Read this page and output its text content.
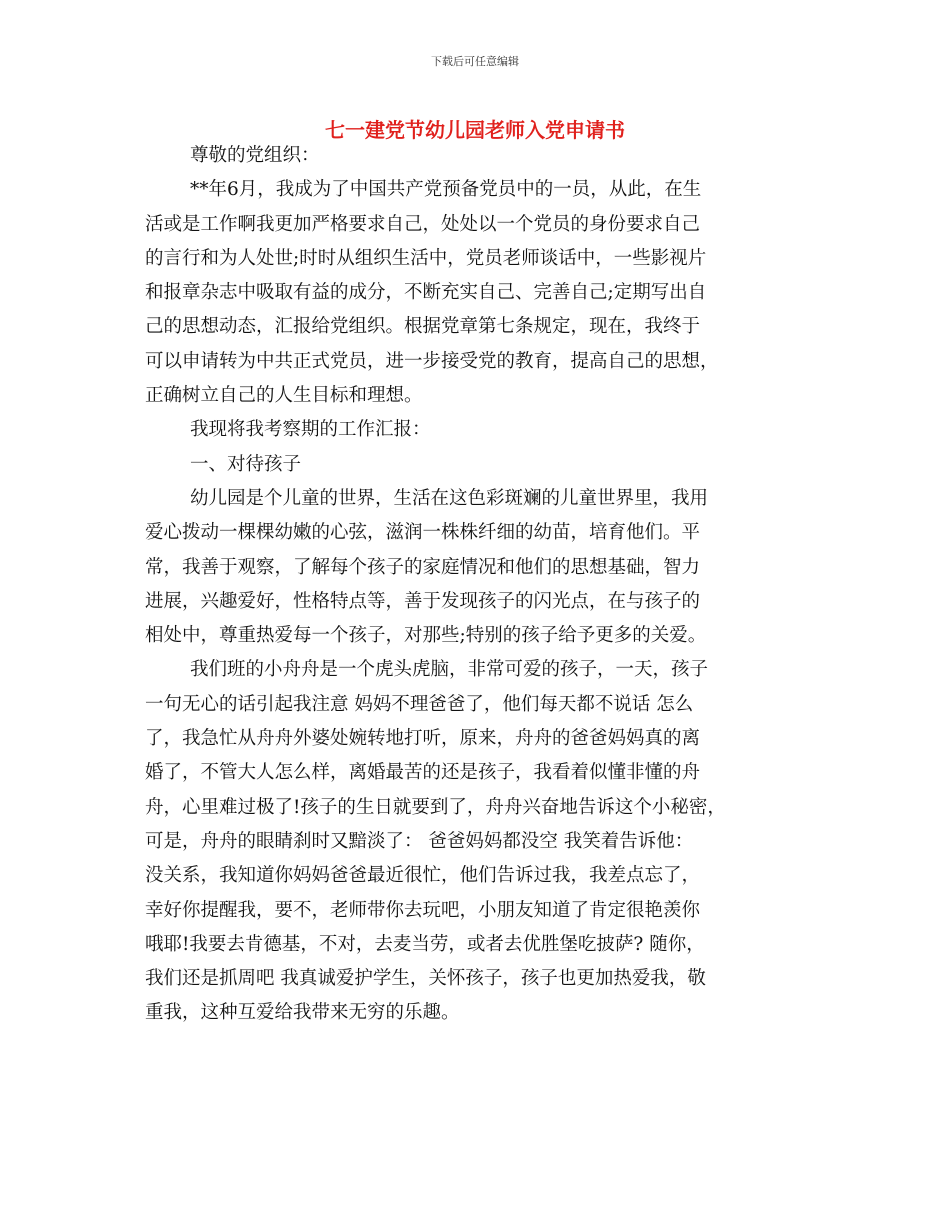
下载后可任意编辑
七一建党节幼儿园老师入党申请书
尊敬的党组织：
**年6月，我成为了中国共产党预备党员中的一员，从此，在生
活或是工作啊我更加严格要求自己，处处以一个党员的身份要求自己
的言行和为人处世;时时从组织生活中，党员老师谈话中，一些影视片
和报章杂志中吸取有益的成分，不断充实自己、完善自己;定期写出自
己的思想动态，汇报给党组织。根据党章第七条规定，现在，我终于
可以申请转为中共正式党员，进一步接受党的教育，提高自己的思想，
正确树立自己的人生目标和理想。
我现将我考察期的工作汇报：
一、对待孩子
幼儿园是个儿童的世界，生活在这色彩斑斓的儿童世界里，我用
爱心拨动一棵棵幼嫩的心弦，滋润一株株纤细的幼苗，培育他们。平
常，我善于观察，了解每个孩子的家庭情况和他们的思想基础，智力
进展，兴趣爱好，性格特点等，善于发现孩子的闪光点，在与孩子的
相处中，尊重热爱每一个孩子，对那些;特别的孩子给予更多的关爱。
我们班的小舟舟是一个虎头虎脑，非常可爱的孩子，一天，孩子
一句无心的话引起我注意 妈妈不理爸爸了，他们每天都不说话 怎么
了，我急忙从舟舟外婆处婉转地打听，原来，舟舟的爸爸妈妈真的离
婚了，不管大人怎么样，离婚最苦的还是孩子，我看着似懂非懂的舟
舟，心里难过极了!孩子的生日就要到了，舟舟兴奋地告诉这个小秘密，
可是，舟舟的眼睛刹时又黯淡了： 爸爸妈妈都没空 我笑着告诉他：
没关系，我知道你妈妈爸爸最近很忙，他们告诉过我，我差点忘了，
幸好你提醒我，要不，老师带你去玩吧，小朋友知道了肯定很艳羡你
哦耶!我要去肯德基，不对，去麦当劳，或者去优胜堡吃披萨? 随你，
我们还是抓周吧 我真诚爱护学生，关怀孩子，孩子也更加热爱我，敬
重我，这种互爱给我带来无穷的乐趣。
